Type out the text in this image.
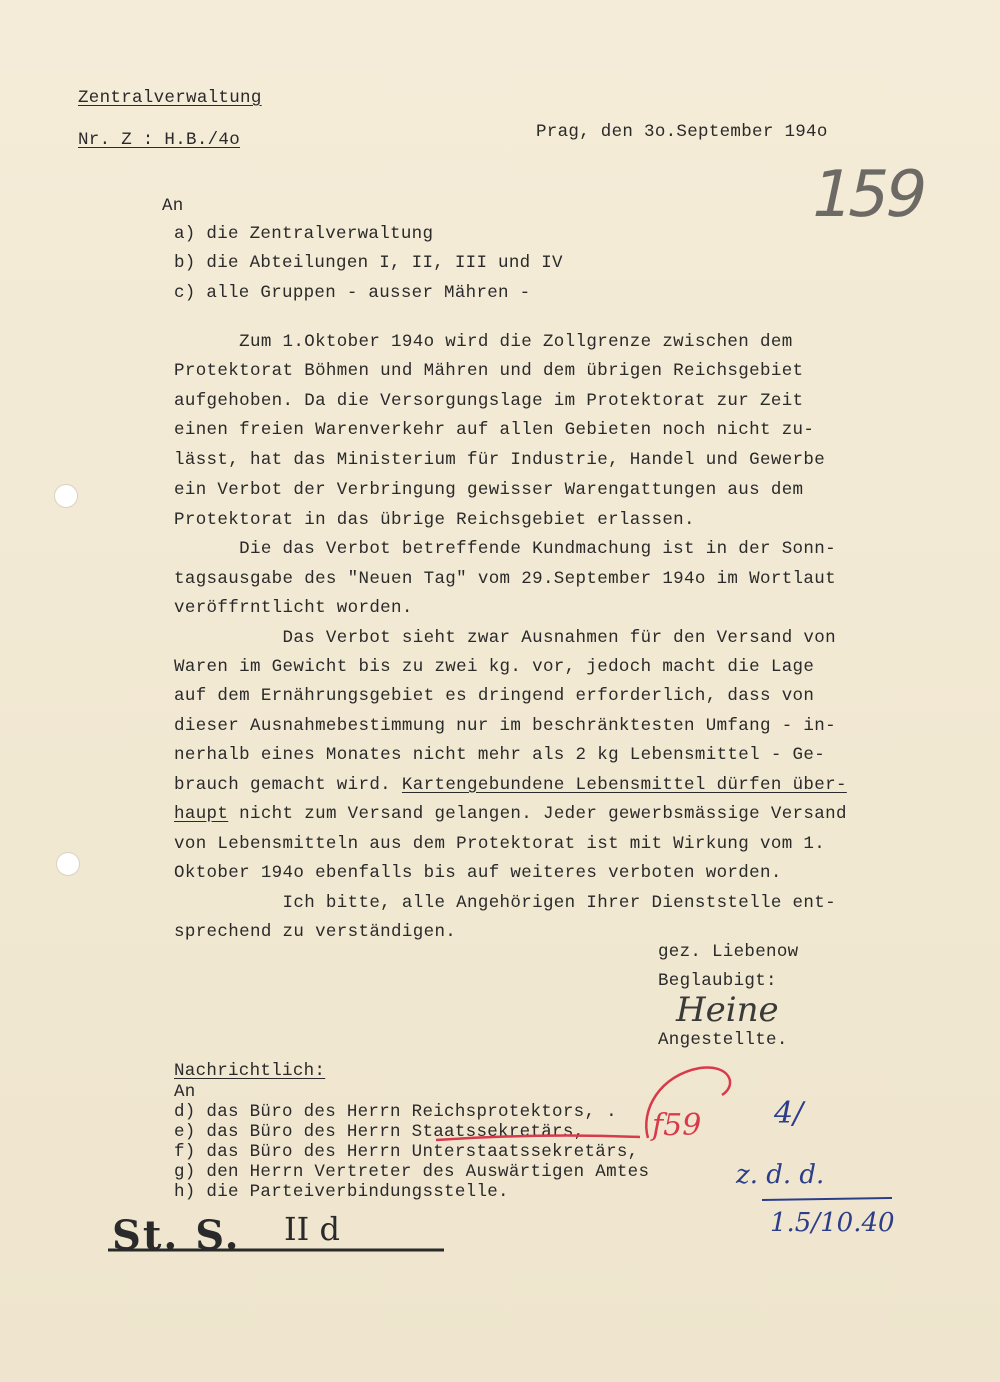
Zentralverwaltung
Nr. Z : H.B./4o	Prag, den 3o.September 194o
159
An
a) die Zentralverwaltung
b) die Abteilungen I, II, III und IV
c) alle Gruppen - ausser Mähren -
Zum 1.Oktober 194o wird die Zollgrenze zwischen dem
Protektorat Böhmen und Mähren und dem übrigen Reichsgebiet
aufgehoben. Da die Versorgungslage im Protektorat zur Zeit
einen freien Warenverkehr auf allen Gebieten noch nicht zu-
lässt, hat das Ministerium für Industrie, Handel und Gewerbe
ein Verbot der Verbringung gewisser Warengattungen aus dem
Protektorat in das übrige Reichsgebiet erlassen.
Die das Verbot betreffende Kundmachung ist in der Sonn-
tagsausgabe des "Neuen Tag" vom 29.September 194o im Wortlaut
veröffrntlicht worden.
Das Verbot sieht zwar Ausnahmen für den Versand von
Waren im Gewicht bis zu zwei kg. vor, jedoch macht die Lage
auf dem Ernährungsgebiet es dringend erforderlich, dass von
dieser Ausnahmebestimmung nur im beschränktesten Umfang - in-
nerhalb eines Monates nicht mehr als 2 kg Lebensmittel - Ge-
brauch gemacht wird. Kartengebundene Lebensmittel dürfen über-
haupt nicht zum Versand gelangen. Jeder gewerbsmässige Versand
von Lebensmitteln aus dem Protektorat ist mit Wirkung vom 1.
Oktober 194o ebenfalls bis auf weiteres verboten worden.
Ich bitte, alle Angehörigen Ihrer Dienststelle ent-
sprechend zu verständigen.
gez. Liebenow
Beglaubigt:
Heine
Angestellte.
Nachrichtlich:
An
d) das Büro des Herrn Reichsprotektors, .
e) das Büro des Herrn Staatssekretärs,
f) das Büro des Herrn Unterstaatssekretärs,
g) den Herrn Vertreter des Auswärtigen Amtes
h) die Parteiverbindungsstelle.
f59 4/
z. d. d.
1.5/10.40
St. S. II d
